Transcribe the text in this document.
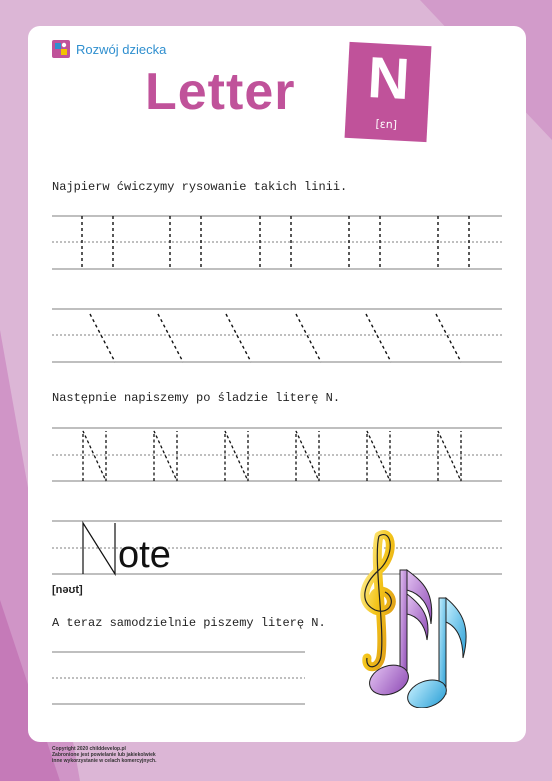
Rozwój dziecka
Letter	N
[ɛn]
Najpierw ćwiczymy rysowanie takich linii.
Następnie napiszemy po śladzie literę N.
A teraz samodzielnie piszemy literę N.
ote
[nəʊt]
Copyright 2020 childdevelop.pl
Zabronione jest powielanie lub jakiekolwiek
inne wykorzystanie w celach komercyjnych.
